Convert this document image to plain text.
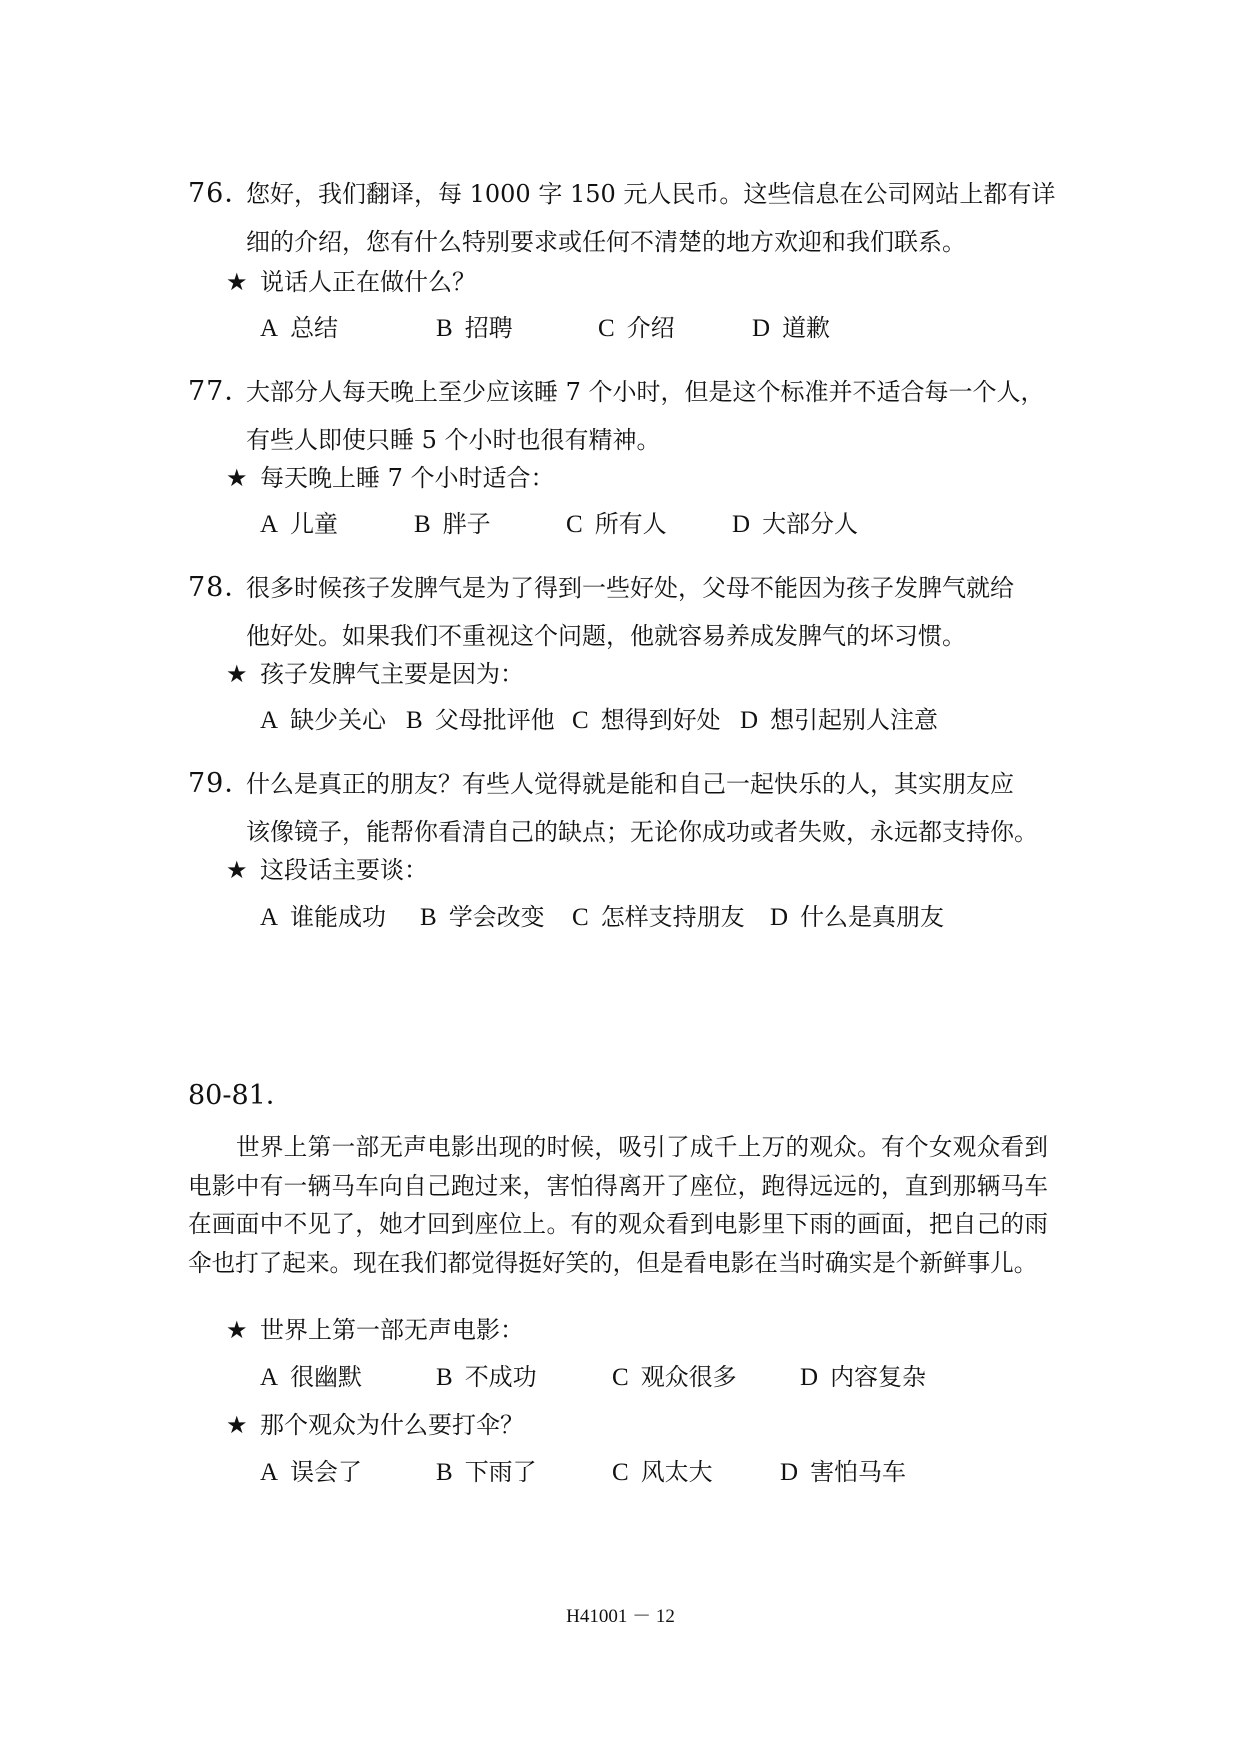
76．
您好，我们翻译，每 1000 字 150 元人民币。这些信息在公司网站上都有详
细的介绍，您有什么特别要求或任何不清楚的地方欢迎和我们联系。
★ 说话人正在做什么？
A 总结	B 招聘	C 介绍	D 道歉
77．
大部分人每天晚上至少应该睡 7 个小时，但是这个标准并不适合每一个人，
有些人即使只睡 5 个小时也很有精神。
★ 每天晚上睡 7 个小时适合：
A 儿童	B 胖子	C 所有人	D 大部分人
78．
很多时候孩子发脾气是为了得到一些好处，父母不能因为孩子发脾气就给
他好处。如果我们不重视这个问题，他就容易养成发脾气的坏习惯。
★ 孩子发脾气主要是因为：
A 缺少关心 B 父母批评他 C 想得到好处 D 想引起别人注意
79．
什么是真正的朋友？有些人觉得就是能和自己一起快乐的人，其实朋友应
该像镜子，能帮你看清自己的缺点；无论你成功或者失败，永远都支持你。
★ 这段话主要谈：
A 谁能成功 B 学会改变 C 怎样支持朋友 D 什么是真朋友
80-81．
世界上第一部无声电影出现的时候，吸引了成千上万的观众。有个女观众看到电影中有一辆马车向自己跑过来，害怕得离开了座位，跑得远远的，直到那辆马车在画面中不见了，她才回到座位上。有的观众看到电影里下雨的画面，把自己的雨伞也打了起来。现在我们都觉得挺好笑的，但是看电影在当时确实是个新鲜事儿。
★ 世界上第一部无声电影：
A 很幽默	B 不成功	C 观众很多	D 内容复杂
★ 那个观众为什么要打伞？
A 误会了	B 下雨了	C 风太大	D 害怕马车
H41001 － 12
